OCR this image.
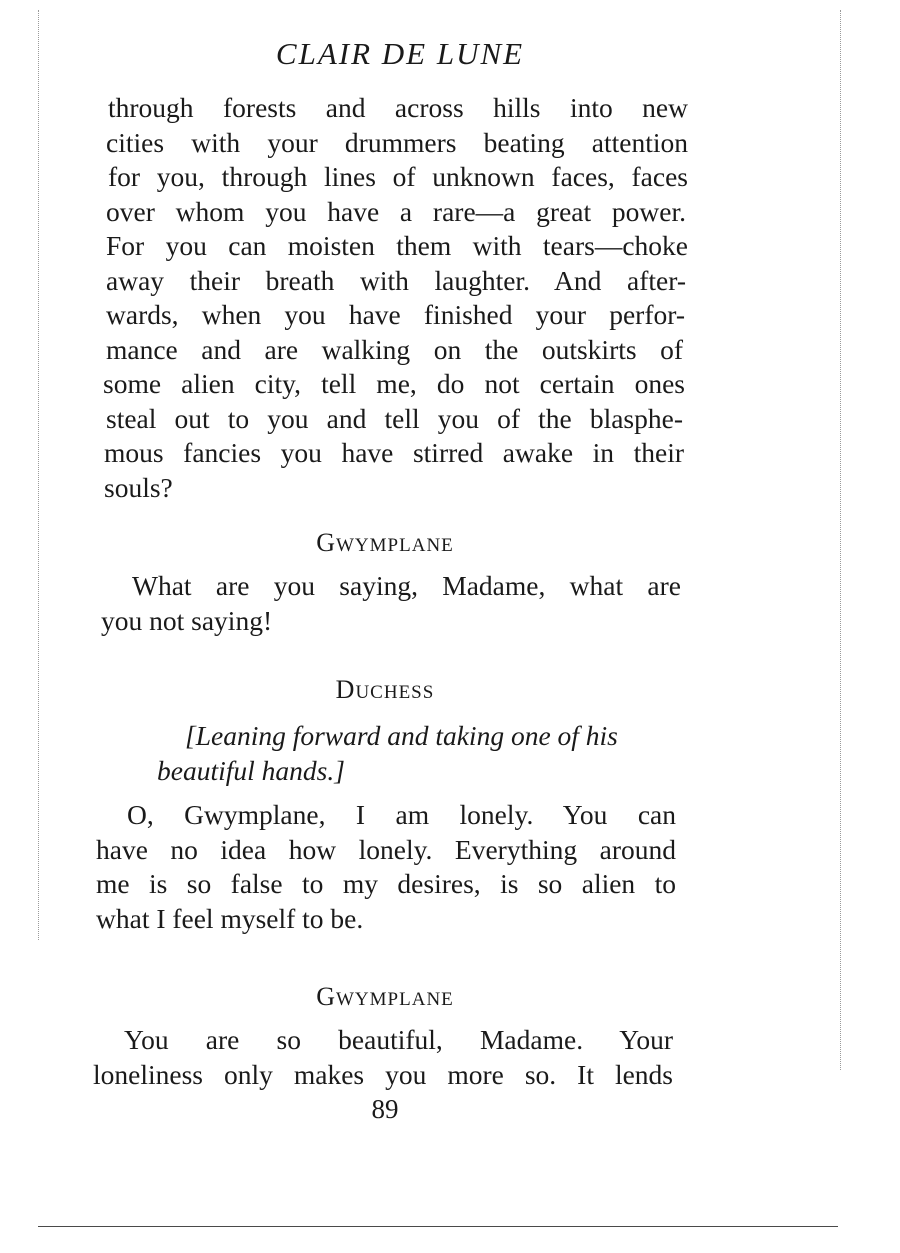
CLAIR DE LUNE
through forests and across hills into new
cities with your drummers beating attention
for you, through lines of unknown faces, faces
over whom you have a rare—a great power.
For you can moisten them with tears—choke
away their breath with laughter. And after-
wards, when you have finished your perfor-
mance and are walking on the outskirts of
some alien city, tell me, do not certain ones
steal out to you and tell you of the blasphe-
mous fancies you have stirred awake in their
souls?
GWYMPLANE
What are you saying, Madame, what are
you not saying!
DUCHESS
[Leaning forward and taking one of his
beautiful hands.]
O, Gwymplane, I am lonely. You can
have no idea how lonely. Everything around
me is so false to my desires, is so alien to
what I feel myself to be.
GWYMPLANE
You are so beautiful, Madame. Your
loneliness only makes you more so. It lends
89
